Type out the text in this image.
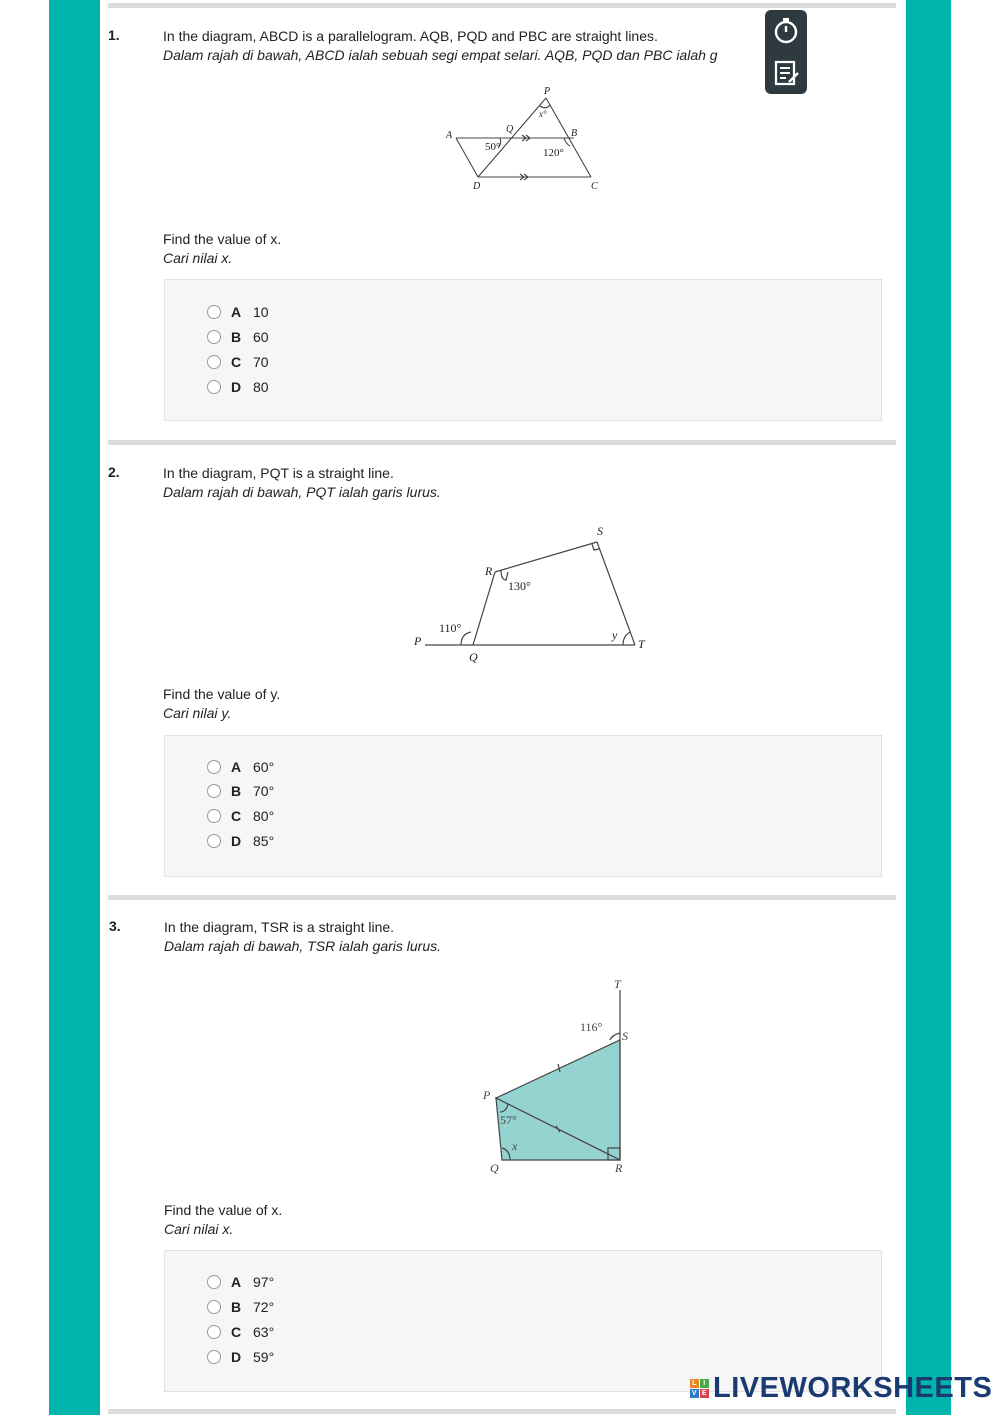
1.	In the diagram, ABCD is a parallelogram. AQB, PQD and PBC are straight lines.
Dalam rajah di bawah, ABCD ialah sebuah segi empat selari. AQB, PQD dan PBC ialah g
P
Q
A	B
C
D
x°
50°	120°
Find the value of x.
Cari nilai x.
A 10
B 60
C 70
D 80
2.	In the diagram, PQT is a straight line.
Dalam rajah di bawah, PQT ialah garis lurus.
S
R
P
Q
T
y
130°
110°
Find the value of y.
Cari nilai y.
A 60°
B 70°
C 80°
D 85°
3.	In the diagram, TSR is a straight line.
Dalam rajah di bawah, TSR ialah garis lurus.
T
S
P
Q	R
x
116°
57°
Find the value of x.
Cari nilai x.
A 97°
B 72°
C 63°
D 59°
L I
V E LIVEWORKSHEETS
